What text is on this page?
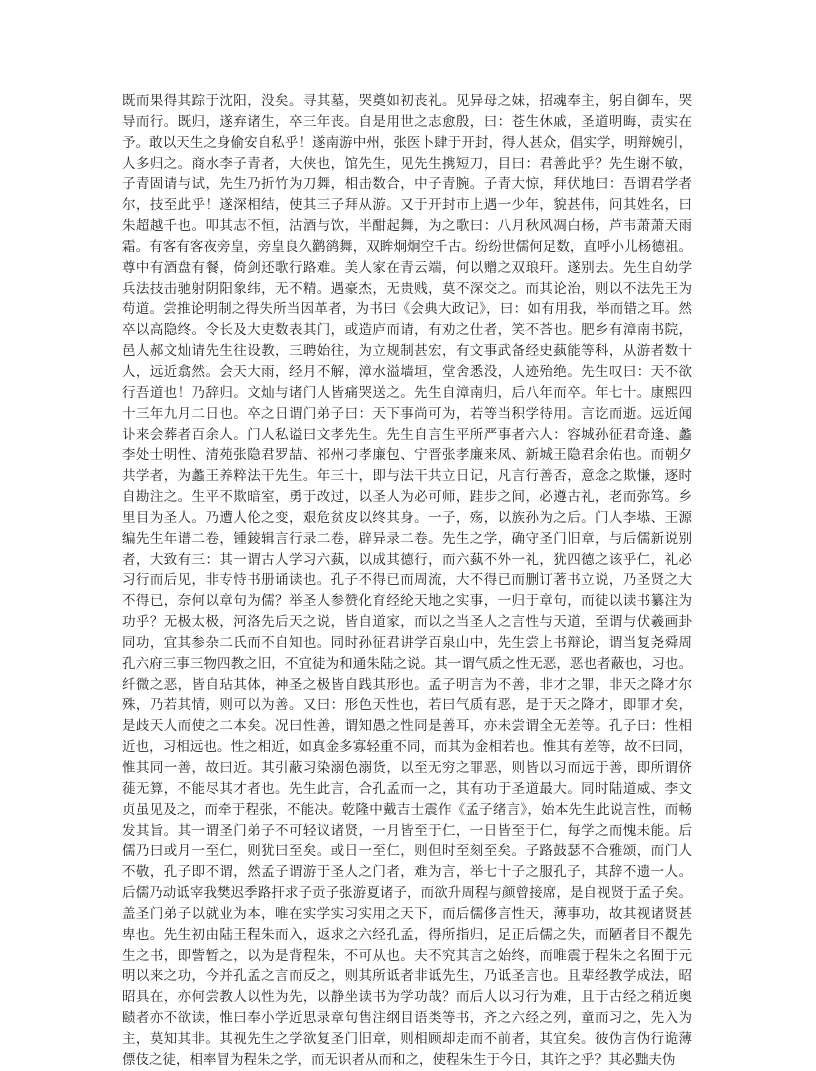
既而果得其踪于沈阳，没矣。寻其墓，哭奠如初丧礼。见异母之妹，招魂奉主，躬自御车，哭
导而行。既归，遂弃诸生，卒三年丧。自是用世之志愈殷，曰：苍生休戚，圣道明晦，责实在
予。敢以天生之身偷安自私乎！遂南游中州，张医卜肆于开封，得人甚众，倡实学，明辩婉引，
人多归之。商水李子青者，大侠也，馆先生，见先生携短刀，目曰：君善此乎？先生谢不敏，
子青固请与试，先生乃折竹为刀舞，相击数合，中子青腕。子青大惊，拜伏地曰：吾谓君学者
尔，技至此乎！遂深相结，使其三子拜从游。又于开封市上遇一少年，貌甚伟，问其姓名，曰
朱超越千也。叩其志不恒，沽酒与饮，半酣起舞，为之歌曰：八月秋风凋白杨，芦韦萧萧天雨
霜。有客有客夜旁皇，旁皇良久鹳鹆舞，双眸炯炯空千古。纷纷世儒何足数，直呼小儿杨德祖。
尊中有酒盘有餐，倚剑还歌行路难。美人家在青云端，何以赠之双琅玕。遂别去。先生自幼学
兵法技击驰射阴阳象纬，无不精。遇豪杰，无贵贱，莫不深交之。而其论治，则以不法先王为
苟道。尝推论明制之得失所当因革者，为书曰《会典大政记》，曰：如有用我，举而错之耳。然
卒以高隐终。令长及大吏数表其门，或造庐而请，有劝之仕者，笑不荅也。肥乡有漳南书院，
邑人郝文灿请先生往设教，三聘始往，为立规制甚宏，有文事武备经史蓺能等科，从游者数十
人，远近翕然。会天大雨，经月不解，漳水溢墙垣，堂舍悉没，人迹殆绝。先生叹曰：天不欲
行吾道也！乃辞归。文灿与诸门人皆痛哭送之。先生自漳南归，后八年而卒。年七十。康熙四
十三年九月二日也。卒之日谓门弟子曰：天下事尚可为，若等当积学待用。言讫而逝。远近闻
讣来会葬者百余人。门人私谥曰文孝先生。先生自言生平所严事者六人：容城孙征君奇逢、蠡
李处士明性、清苑张隐君罗喆、祁州刁孝廉包、宁晋张孝廉来凤、新城王隐君余佑也。而朝夕
共学者，为蠡王养粹法干先生。年三十，即与法干共立日记，凡言行善否，意念之欺慊，逐时
自勘注之。生平不欺暗室，勇于改过，以圣人为必可师，跬步之间，必遵古礼，老而弥笃。乡
里目为圣人。乃遭人伦之变，艰危贫皮以终其身。一子，殇，以族孙为之后。门人李塨、王源
编先生年谱二卷，锺錂辑言行录二卷，辟异录二卷。先生之学，确守圣门旧章，与后儒新说别
者，大致有三：其一谓古人学习六蓺，以成其德行，而六蓺不外一礼，犹四德之该乎仁，礼必
习行而后见，非专恃书册诵读也。孔子不得已而周流，大不得已而删订著书立说，乃圣贤之大
不得已，奈何以章句为儒？举圣人参赞化育经纶天地之实事，一归于章句，而徒以读书纂注为
功乎？无极太极，河洛先后天之说，皆自道家，而以之当圣人之言性与天道，至谓与伏羲画卦
同功，宜其参杂二氏而不自知也。同时孙征君讲学百泉山中，先生尝上书辩论，谓当复尧舜周
孔六府三事三物四教之旧，不宜徒为和通朱陆之说。其一谓气质之性无恶，恶也者蔽也，习也。
纤微之恶，皆自玷其体，神圣之极皆自践其形也。孟子明言为不善，非才之罪，非天之降才尔
殊，乃若其情，则可以为善。又曰：形色天性也，若曰气质有恶，是于天之降才，即罪才矣，
是歧天人而使之二本矣。况曰性善，谓知愚之性同是善耳，亦未尝谓全无差等。孔子曰：性相
近也，习相远也。性之相近，如真金多寡轻重不同，而其为金相若也。惟其有差等，故不曰同，
惟其同一善，故曰近。其引蔽习染溺色溺货，以至无穷之罪恶，则皆以习而远于善，即所谓侪
蓰无算，不能尽其才者也。先生此言，合孔孟而一之，其有功于圣道最大。同时陆道威、李文
贞虽见及之，而牵于程张，不能决。乾隆中戴吉士震作《孟子绪言》，始本先生此说言性，而畅
发其旨。其一谓圣门弟子不可轻议诸贤，一月皆至于仁，一日皆至于仁，每学之而愧未能。后
儒乃曰或月一至仁，则犹曰至矣。或日一至仁，则但时至刻至矣。子路鼓瑟不合雅颂，而门人
不敬，孔子即不谓，然孟子谓游于圣人之门者，难为言，举七十子之服孔子，其辞不遗一人。
后儒乃动诋宰我樊迟季路扞求子贡子张游夏诸子，而欲升周程与颜曾接席，是自视贤于孟子矣。
盖圣门弟子以就业为本，唯在实学实习实用之天下，而后儒侈言性天，薄事功，故其视诸贤甚
卑也。先生初由陆王程朱而入，返求之六经孔孟，得所指归，足正后儒之失，而陋者目不覩先
生之书，即訾暂之，以为是背程朱，不可从也。夫不究其言之始终，而唯震于程朱之名囿于元
明以来之功，今并孔孟之言而反之，则其所诋者非诋先生，乃诋圣言也。且辈经教学成法，昭
昭具在，亦何尝教人以性为先，以静坐读书为学功哉？而后人以习行为难，且于古经之稍近奥
赜者亦不欲读，惟曰奉小学近思录章句售注纲目语类等书，齐之六经之列，童而习之，先入为
主，莫知其非。其视先生之学欲复圣门旧章，则相顾却走而不前者，其宜矣。彼伪言伪行诡薄
僄伎之徒，相率冒为程朱之学，而无识者从而和之，使程朱生于今日，其许之乎？其必黜夫伪
